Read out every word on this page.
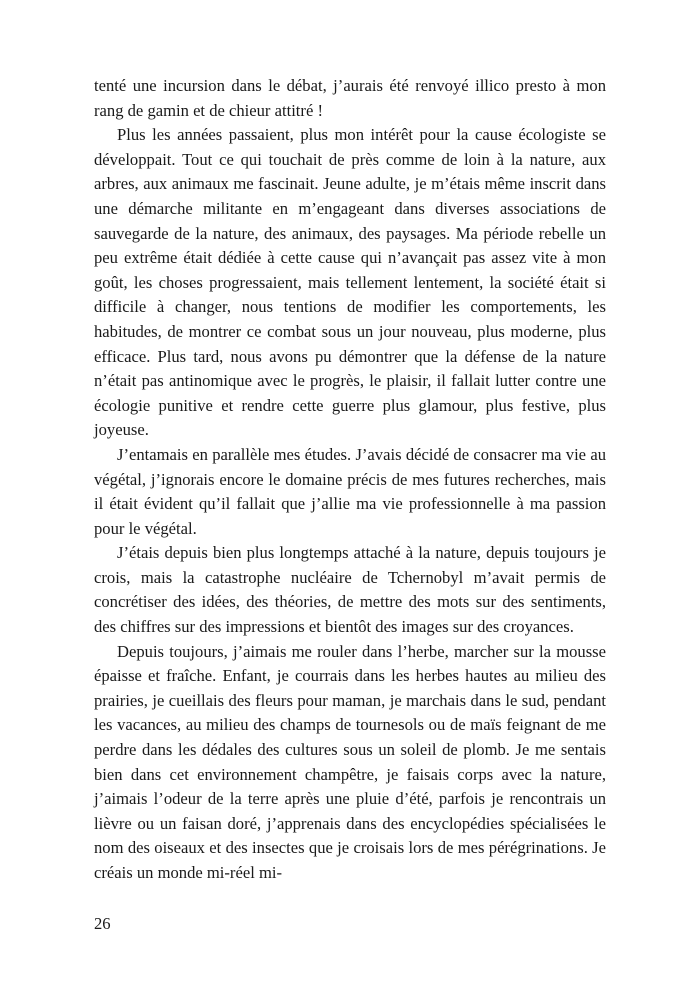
tenté une incursion dans le débat, j’aurais été renvoyé illico presto à mon rang de gamin et de chieur attitré !

Plus les années passaient, plus mon intérêt pour la cause écologiste se développait. Tout ce qui touchait de près comme de loin à la nature, aux arbres, aux animaux me fascinait. Jeune adulte, je m’étais même inscrit dans une démarche militante en m’engageant dans diverses associations de sauvegarde de la nature, des animaux, des paysages. Ma période rebelle un peu extrême était dédiée à cette cause qui n’avançait pas assez vite à mon goût, les choses progressaient, mais tellement lentement, la société était si difficile à changer, nous tentions de modifier les comportements, les habitudes, de montrer ce combat sous un jour nouveau, plus moderne, plus efficace. Plus tard, nous avons pu démontrer que la défense de la nature n’était pas antinomique avec le progrès, le plaisir, il fallait lutter contre une écologie punitive et rendre cette guerre plus glamour, plus festive, plus joyeuse.

J’entamais en parallèle mes études. J’avais décidé de consacrer ma vie au végétal, j’ignorais encore le domaine précis de mes futures recherches, mais il était évident qu’il fallait que j’allie ma vie professionnelle à ma passion pour le végétal.

J’étais depuis bien plus longtemps attaché à la nature, depuis toujours je crois, mais la catastrophe nucléaire de Tchernobyl m’avait permis de concrétiser des idées, des théories, de mettre des mots sur des sentiments, des chiffres sur des impressions et bientôt des images sur des croyances.

Depuis toujours, j’aimais me rouler dans l’herbe, marcher sur la mousse épaisse et fraîche. Enfant, je courrais dans les herbes hautes au milieu des prairies, je cueillais des fleurs pour maman, je marchais dans le sud, pendant les vacances, au milieu des champs de tournesols ou de maïs feignant de me perdre dans les dédales des cultures sous un soleil de plomb. Je me sentais bien dans cet environnement champêtre, je faisais corps avec la nature, j’aimais l’odeur de la terre après une pluie d’été, parfois je rencontrais un lièvre ou un faisan doré, j’apprenais dans des encyclopédies spécialisées le nom des oiseaux et des insectes que je croisais lors de mes pérégrinations. Je créais un monde mi-réel mi-

26
